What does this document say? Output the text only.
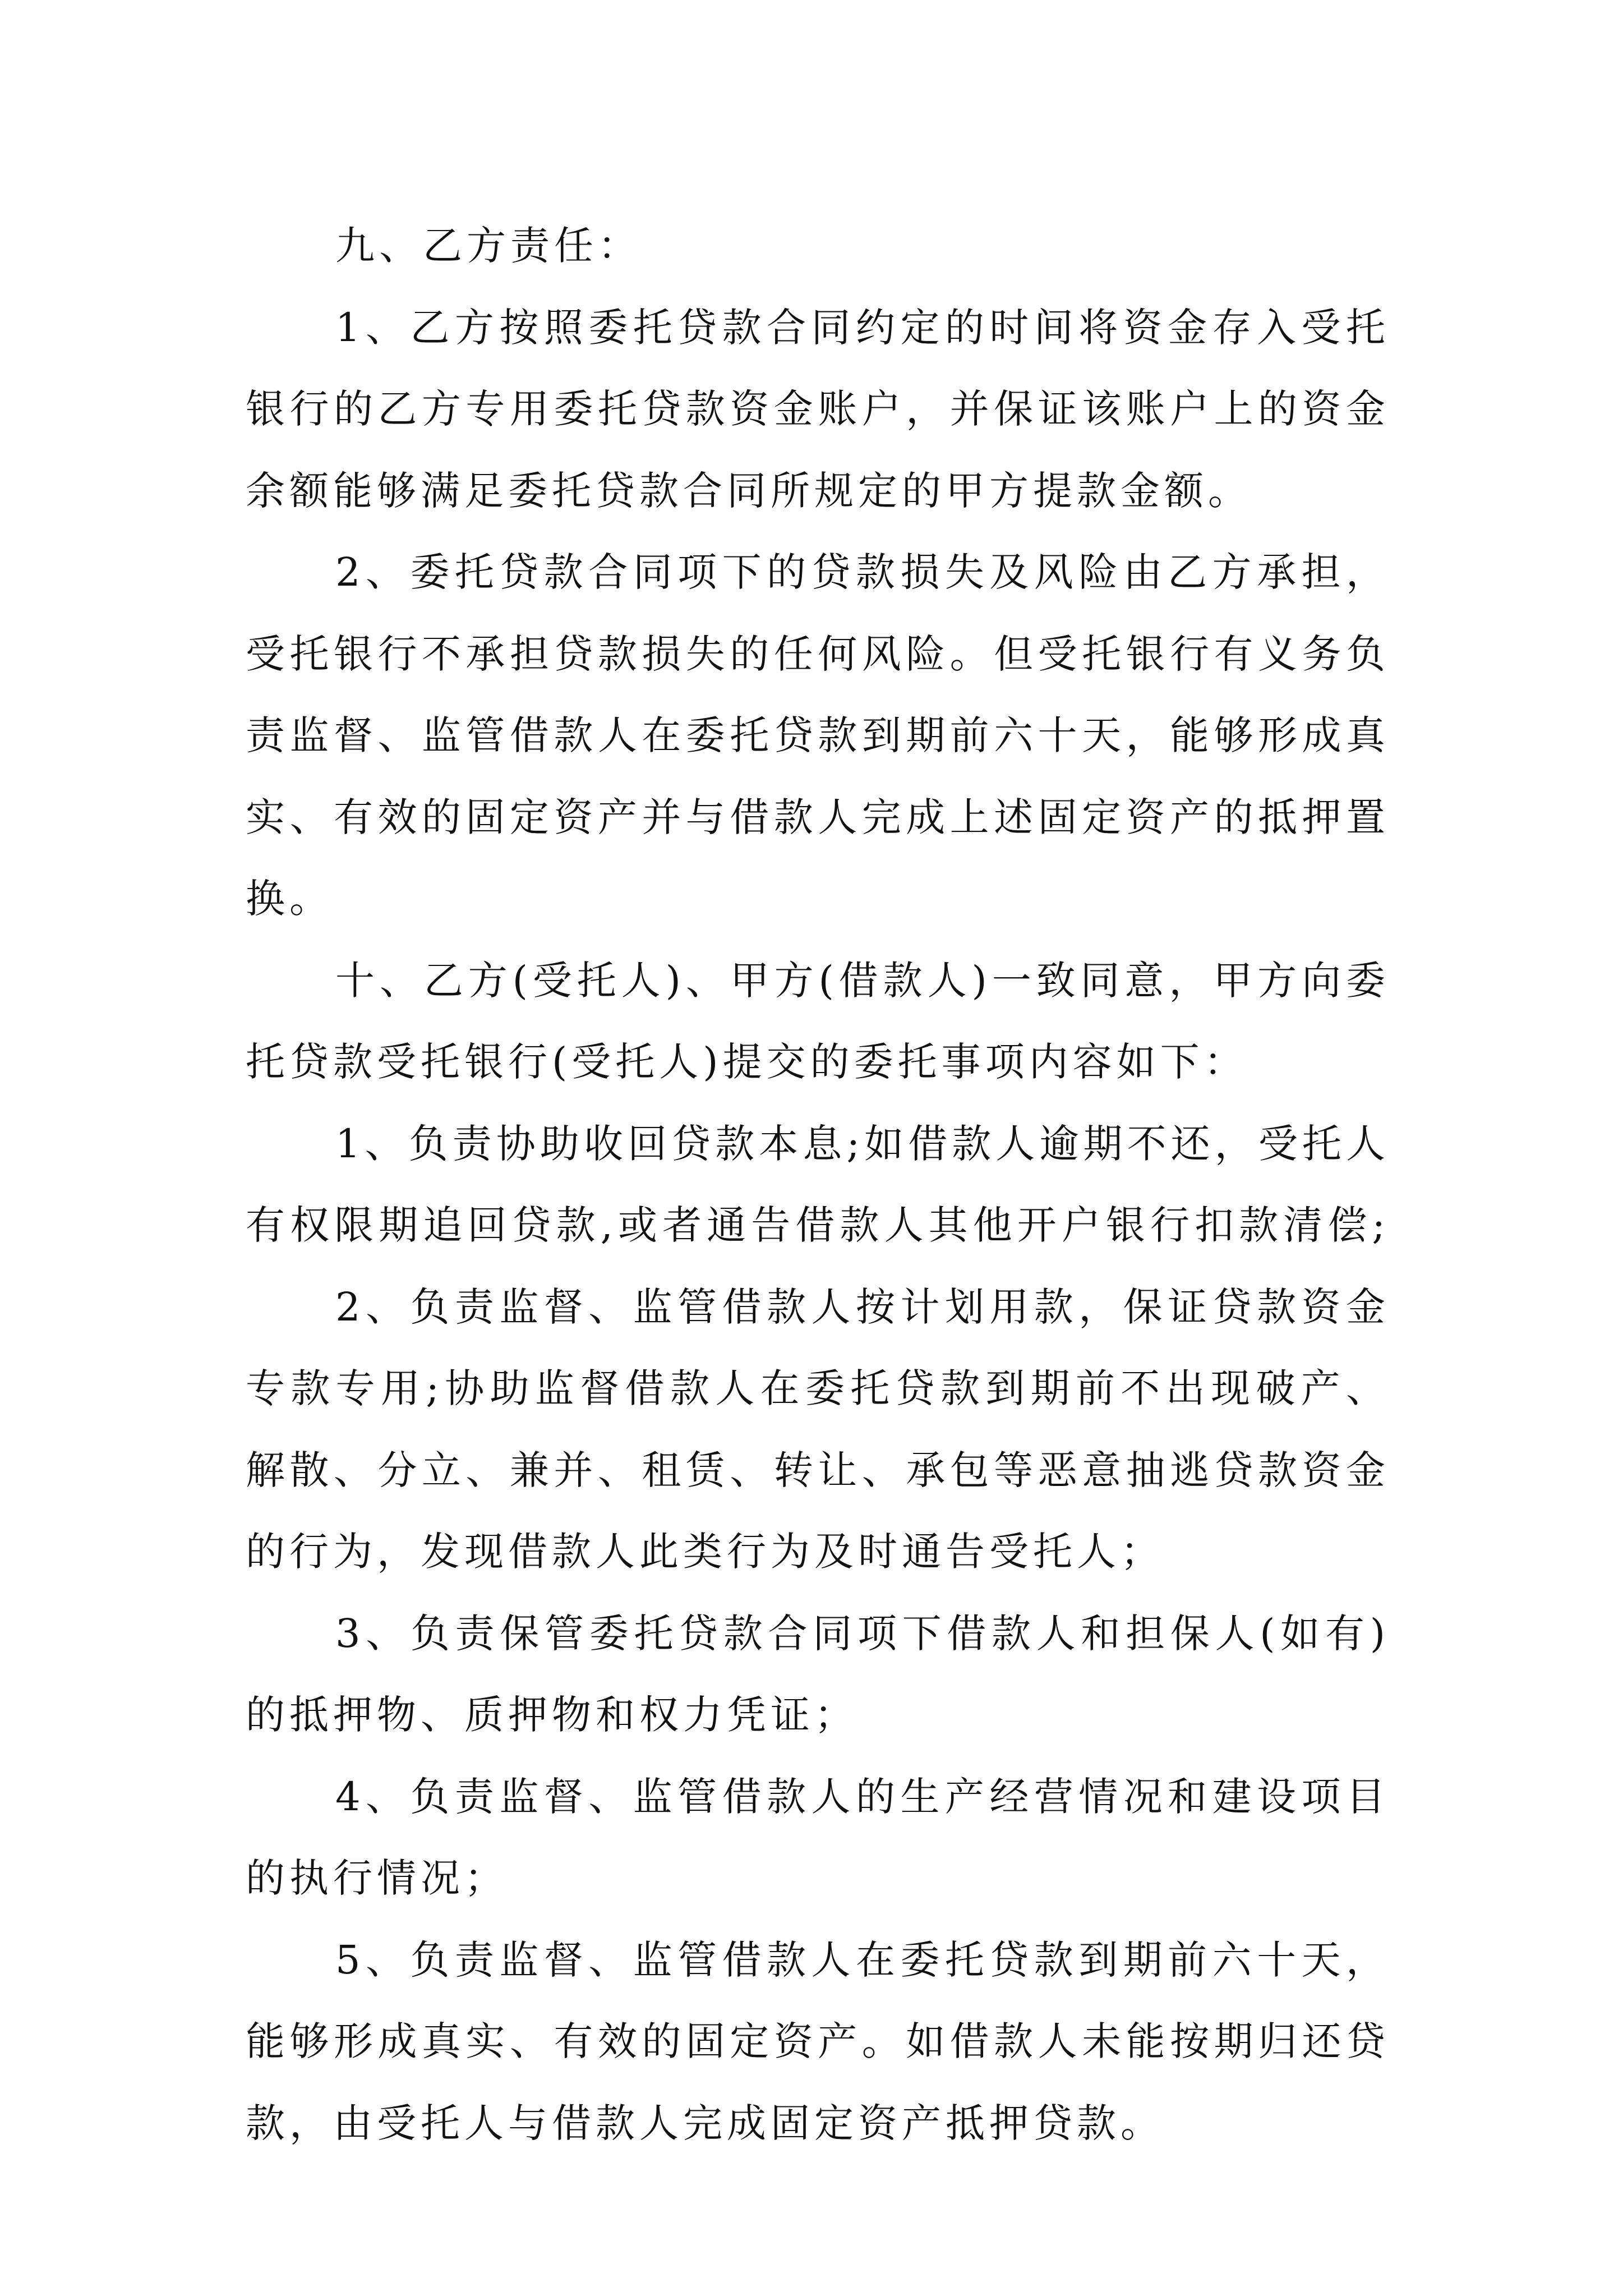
九、乙方责任：
1、乙方按照委托贷款合同约定的时间将资金存入受托
银行的乙方专用委托贷款资金账户，并保证该账户上的资金
余额能够满足委托贷款合同所规定的甲方提款金额。
2、委托贷款合同项下的贷款损失及风险由乙方承担，
受托银行不承担贷款损失的任何风险。但受托银行有义务负
责监督、监管借款人在委托贷款到期前六十天，能够形成真
实、有效的固定资产并与借款人完成上述固定资产的抵押置
换。
十、乙方(受托人)、甲方(借款人)一致同意，甲方向委
托贷款受托银行(受托人)提交的委托事项内容如下：
1、负责协助收回贷款本息;如借款人逾期不还，受托人
有权限期追回贷款,或者通告借款人其他开户银行扣款清偿;
2、负责监督、监管借款人按计划用款，保证贷款资金
专款专用;协助监督借款人在委托贷款到期前不出现破产、
解散、分立、兼并、租赁、转让、承包等恶意抽逃贷款资金
的行为，发现借款人此类行为及时通告受托人；
3、负责保管委托贷款合同项下借款人和担保人(如有)
的抵押物、质押物和权力凭证；
4、负责监督、监管借款人的生产经营情况和建设项目
的执行情况；
5、负责监督、监管借款人在委托贷款到期前六十天，
能够形成真实、有效的固定资产。如借款人未能按期归还贷
款，由受托人与借款人完成固定资产抵押贷款。
